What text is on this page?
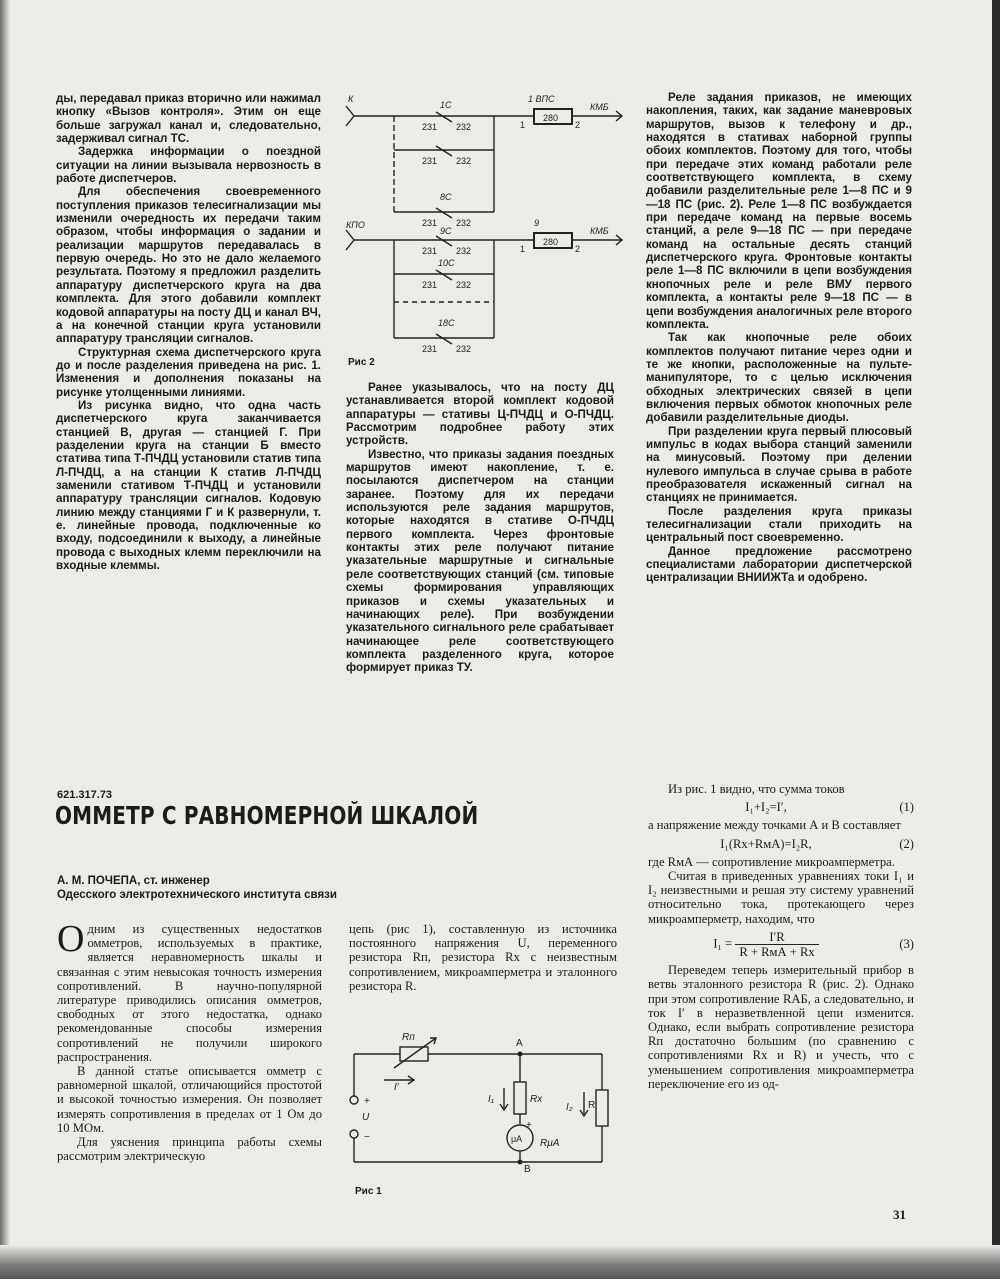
ды, передавал приказ вторично или нажимал кнопку «Вызов контроля». Этим он еще больше загружал канал и, следовательно, задерживал сигнал ТС.

Задержка информации о поездной ситуации на линии вызывала нервозность в работе диспетчеров.

Для обеспечения своевременного поступления приказов телесигнализации мы изменили очередность их передачи таким образом, чтобы информация о задании и реализации маршрутов передавалась в первую очередь. Но это не дало желаемого результата. Поэтому я предложил разделить аппаратуру диспетчерского круга на два комплекта. Для этого добавили комплект кодовой аппаратуры на посту ДЦ и канал ВЧ, а на конечной станции круга установили аппаратуру трансляции сигналов.

Структурная схема диспетчерского круга до и после разделения приведена на рис. 1. Изменения и дополнения показаны на рисунке утолщенными линиями.

Из рисунка видно, что одна часть диспетчерского круга заканчивается станцией В, другая — станцией Г. При разделении круга на станции Б вместо статива типа Т-ПЧДЦ установили статив типа Л-ПЧДЦ, а на станции К статив Л-ПЧДЦ заменили стативом Т-ПЧДЦ и установили аппаратуру трансляции сигналов. Кодовую линию между станциями Г и К развернули, т. е. линейные провода, подключенные ко входу, подсоединили к выходу, а линейные провода с выходных клемм переключили на входные клеммы.

К	1 ВПС
280
1	2
КМБ
1С
231 232
231 232
8С
231 232
КПО	9
280
1	2
КМБ
9С
231 232
10С
231 232
18С
231 232
Рис 2

Ранее указывалось, что на посту ДЦ устанавливается второй комплект кодовой аппаратуры — стативы Ц-ПЧДЦ и О-ПЧДЦ. Рассмотрим подробнее работу этих устройств.

Известно, что приказы задания поездных маршрутов имеют накопление, т. е. посылаются диспетчером на станции заранее. Поэтому для их передачи используются реле задания маршрутов, которые находятся в стативе О-ПЧДЦ первого комплекта. Через фронтовые контакты этих реле получают питание указательные маршрутные и сигнальные реле соответствующих станций (см. типовые схемы формирования управляющих приказов и схемы указательных и начинающих реле). При возбуждении указательного сигнального реле срабатывает начинающее реле соответствующего комплекта разделенного круга, которое формирует приказ ТУ.

Реле задания приказов, не имеющих накопления, таких, как задание маневровых маршрутов, вызов к телефону и др., находятся в стативах наборной группы обоих комплектов. Поэтому для того, чтобы при передаче этих команд работали реле соответствующего комплекта, в схему добавили разделительные реле 1—8 ПС и 9—18 ПС (рис. 2). Реле 1—8 ПС возбуждается при передаче команд на первые восемь станций, а реле 9—18 ПС — при передаче команд на остальные десять станций диспетчерского круга. Фронтовые контакты реле 1—8 ПС включили в цепи возбуждения кнопочных реле и реле ВМУ первого комплекта, а контакты реле 9—18 ПС — в цепи возбуждения аналогичных реле второго комплекта.

Так как кнопочные реле обоих комплектов получают питание через одни и те же кнопки, расположенные на пульте-манипуляторе, то с целью исключения обходных электрических связей в цепи включения первых обмоток кнопочных реле добавили разделительные диоды.

При разделении круга первый плюсовый импульс в кодах выбора станций заменили на минусовый. Поэтому при делении нулевого импульса в случае срыва в работе преобразователя искаженный сигнал на станциях не принимается.

После разделения круга приказы телесигнализации стали приходить на центральный пост своевременно.

Данное предложение рассмотрено специалистами лаборатории диспетчерской централизации ВНИИЖТа и одобрено.

621.317.73
ОММЕТР С РАВНОМЕРНОЙ ШКАЛОЙ
А. М. ПОЧЕПА, ст. инженер
Одесского электротехнического института связи

Одним из существенных недостатков омметров, используемых в практике, является неравномерность шкалы и связанная с этим невысокая точность измерения сопротивлений. В научно-популярной литературе приводились описания омметров, свободных от этого недостатка, однако рекомендованные способы измерения сопротивлений не получили широкого распространения.

В данной статье описывается омметр с равномерной шкалой, отличающийся простотой и высокой точностью измерения. Он позволяет измерять сопротивления в пределах от 1 Ом до 10 МОм.

Для уяснения принципа работы схемы рассмотрим электрическую

цепь (рис 1), составленную из источника постоянного напряжения U, переменного резистора Rп, резистора Rx с неизвестным сопротивлением, микроамперметра и эталонного резистора R.

Rп
А
В
U
+
−
I′
I₁	Rx
+
μA RμA
I₂ R
Рис 1

Из рис. 1 видно, что сумма токов

I₁+I₂=I′,	(1)

а напряжение между точками А и В составляет

I₁(Rx+RмА)=I₂R,	(2)

где RмА — сопротивление микроамперметра.

Считая в приведенных уравнениях токи I₁ и I₂ неизвестными и решая эту систему уравнений относительно тока, протекающего через микроамперметр, находим, что

$I_1 = \frac{I'R}{\text{R + RмА + Rx}}$	(3)

Переведем теперь измерительный прибор в ветвь эталонного резистора R (рис. 2). Однако при этом сопротивление RАБ, а следовательно, и ток I′ в неразветвленной цепи изменится. Однако, если выбрать сопротивление резистора Rп достаточно большим (по сравнению с сопротивлениями Rx и R) и учесть, что с уменьшением сопротивления микроамперметра переключение его из од-

31
